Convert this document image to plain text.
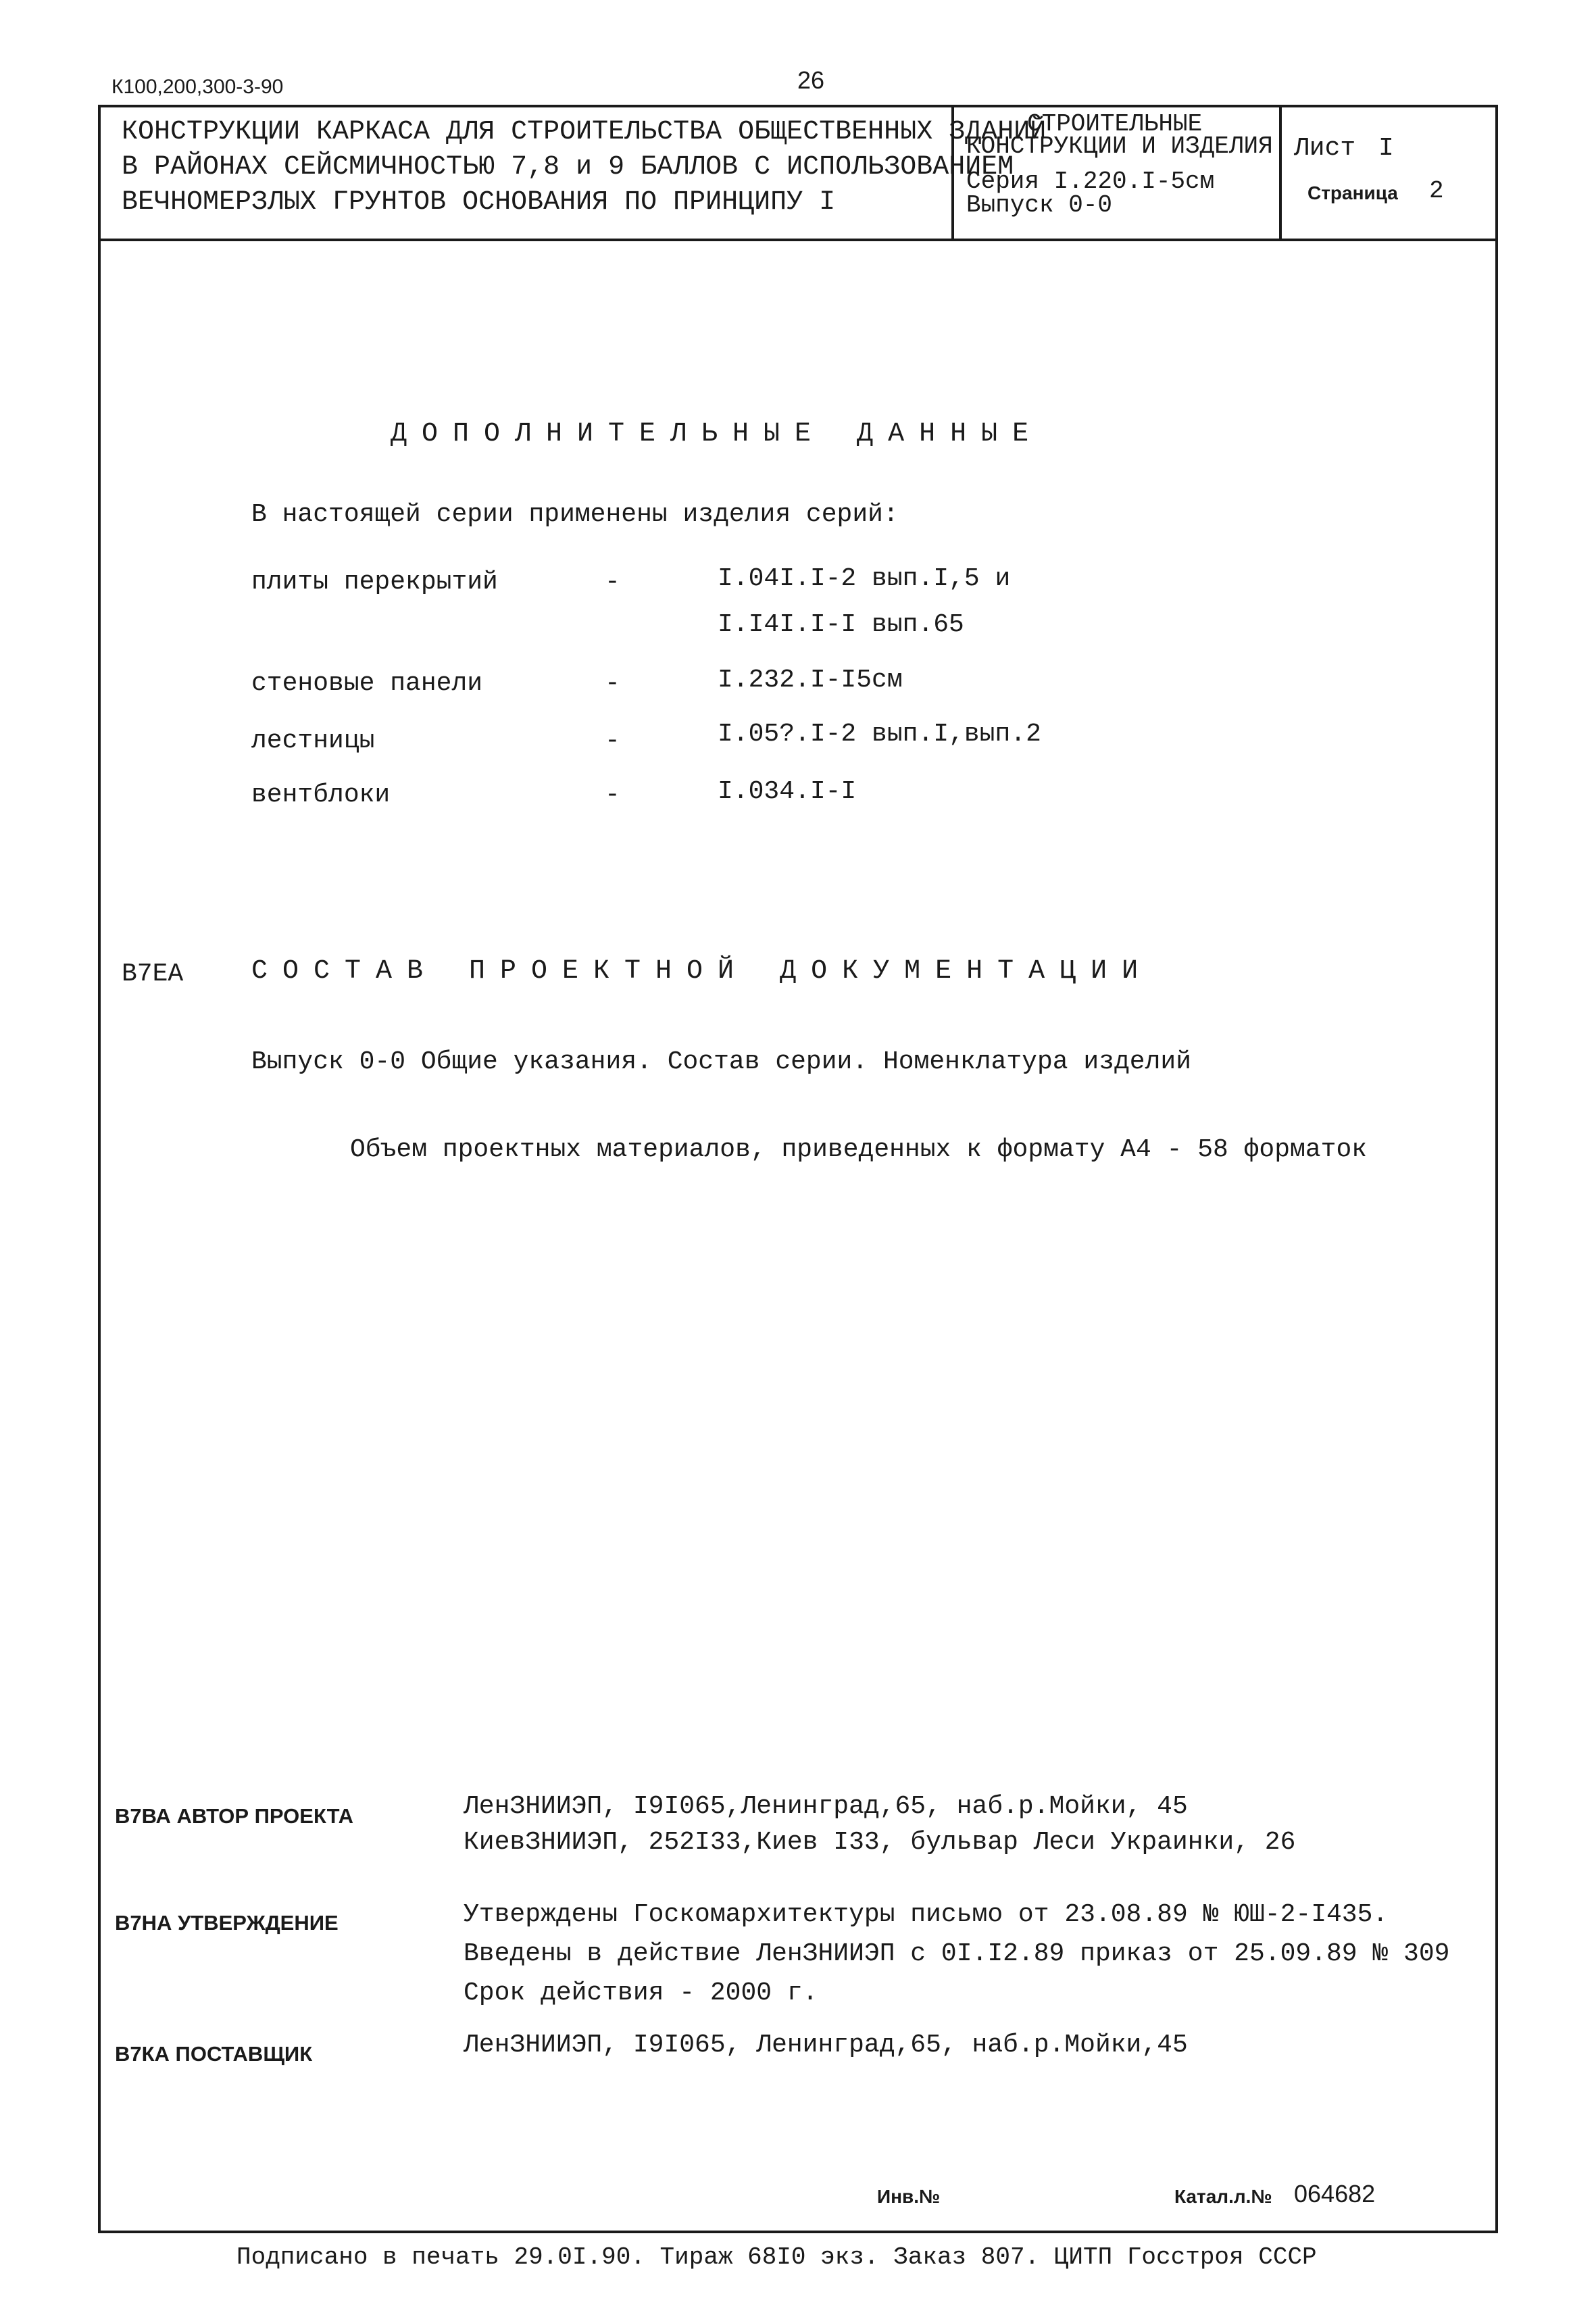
К100,200,300-3-90	26
КОНСТРУКЦИИ КАРКАСА ДЛЯ СТРОИТЕЛЬСТВА ОБЩЕСТВЕННЫХ ЗДАНИЙ
В РАЙОНАХ СЕЙСМИЧНОСТЬЮ 7,8 и 9 БАЛЛОВ С ИСПОЛЬЗОВАНИЕМ
ВЕЧНОМЕРЗЛЫХ ГРУНТОВ ОСНОВАНИЯ ПО ПРИНЦИПУ I
СТРОИТЕЛЬНЫЕ
КОНСТРУКЦИИ И ИЗДЕЛИЯ
Серия I.220.I-5см
Выпуск 0-0
Лист I
Страница 2
ДОПОЛНИТЕЛЬНЫЕ ДАННЫЕ
В настоящей серии применены изделия серий:
плиты перекрытий	-	I.04I.I-2 вып.I,5 и
I.I4I.I-I вып.65
стеновые панели	-	I.232.I-I5см
лестницы	-	I.05?.I-2 вып.I,вып.2
вентблоки	-	I.034.I-I
В7ЕА	СОСТАВ ПРОЕКТНОЙ ДОКУМЕНТАЦИИ
Выпуск 0-0 Общие указания. Состав серии. Номенклатура изделий
Объем проектных материалов, приведенных к формату А4 - 58 форматок
В7ВА АВТОР ПРОЕКТА	ЛенЗНИИЭП, I9I065,Ленинград,65, наб.р.Мойки, 45
КиевЗНИИЭП, 252I33,Киев I33, бульвар Леси Украинки, 26
В7НА УТВЕРЖДЕНИЕ	Утверждены Госкомархитектуры письмо от 23.08.89 № ЮШ-2-I435.
Введены в действие ЛенЗНИИЭП с 0I.I2.89 приказ от 25.09.89 № 309
Срок действия - 2000 г.
В7КА ПОСТАВЩИК	ЛенЗНИИЭП, I9I065, Ленинград,65, наб.р.Мойки,45
Инв.№	Катал.л.№ 064682
Подписано в печать 29.0I.90. Тираж 68I0 экз. Заказ 807. ЦИТП Госстроя СССР
